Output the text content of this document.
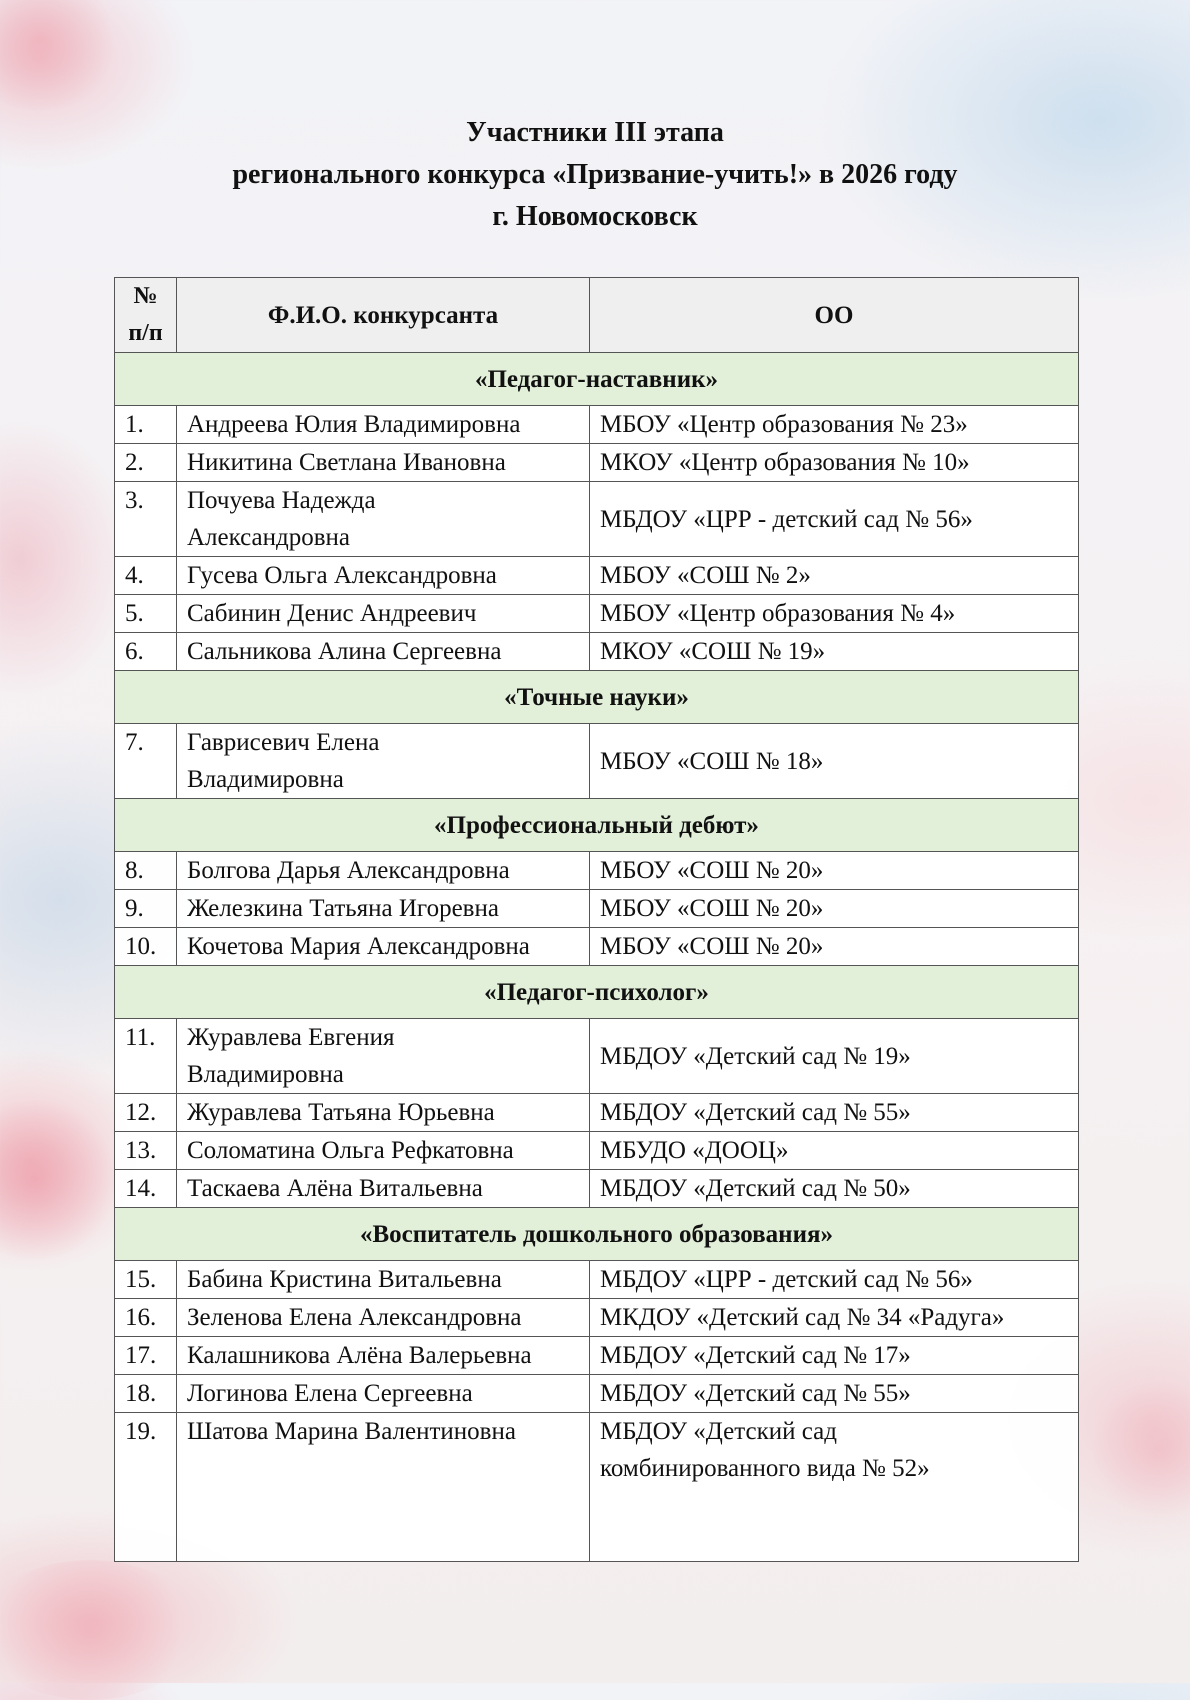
Участники III этапа
регионального конкурса «Призвание-учить!» в 2026 году
г. Новомосковск
№
п/п	Ф.И.О. конкурсанта	ОО
«Педагог-наставник»		
1.	Андреева Юлия Владимировна	МБОУ «Центр образования № 23»
2.	Никитина Светлана Ивановна	МКОУ «Центр образования № 10»
3.	Почуева Надежда
Александровна	МБДОУ «ЦРР - детский сад № 56»
4.	Гусева Ольга Александровна	МБОУ «СОШ № 2»
5.	Сабинин Денис Андреевич	МБОУ «Центр образования № 4»
6.	Сальникова Алина Сергеевна	МКОУ «СОШ № 19»
«Точные науки»		
7.	Гаврисевич Елена
Владимировна	МБОУ «СОШ № 18»
«Профессиональный дебют»		
8.	Болгова Дарья Александровна	МБОУ «СОШ № 20»
9.	Железкина Татьяна Игоревна	МБОУ «СОШ № 20»
10.	Кочетова Мария Александровна	МБОУ «СОШ № 20»
«Педагог-психолог»		
11.	Журавлева Евгения
Владимировна	МБДОУ «Детский сад № 19»
12.	Журавлева Татьяна Юрьевна	МБДОУ «Детский сад № 55»
13.	Соломатина Ольга Рефкатовна	МБУДО «ДООЦ»
14.	Таскаева Алёна Витальевна	МБДОУ «Детский сад № 50»
«Воспитатель дошкольного образования»		
15.	Бабина Кристина Витальевна	МБДОУ «ЦРР - детский сад № 56»
16.	Зеленова Елена Александровна	МКДОУ «Детский сад № 34 «Радуга»
17.	Калашникова Алёна Валерьевна	МБДОУ «Детский сад № 17»
18.	Логинова Елена Сергеевна	МБДОУ «Детский сад № 55»
19.	Шатова Марина Валентиновна	МБДОУ «Детский сад
комбинированного вида № 52»
